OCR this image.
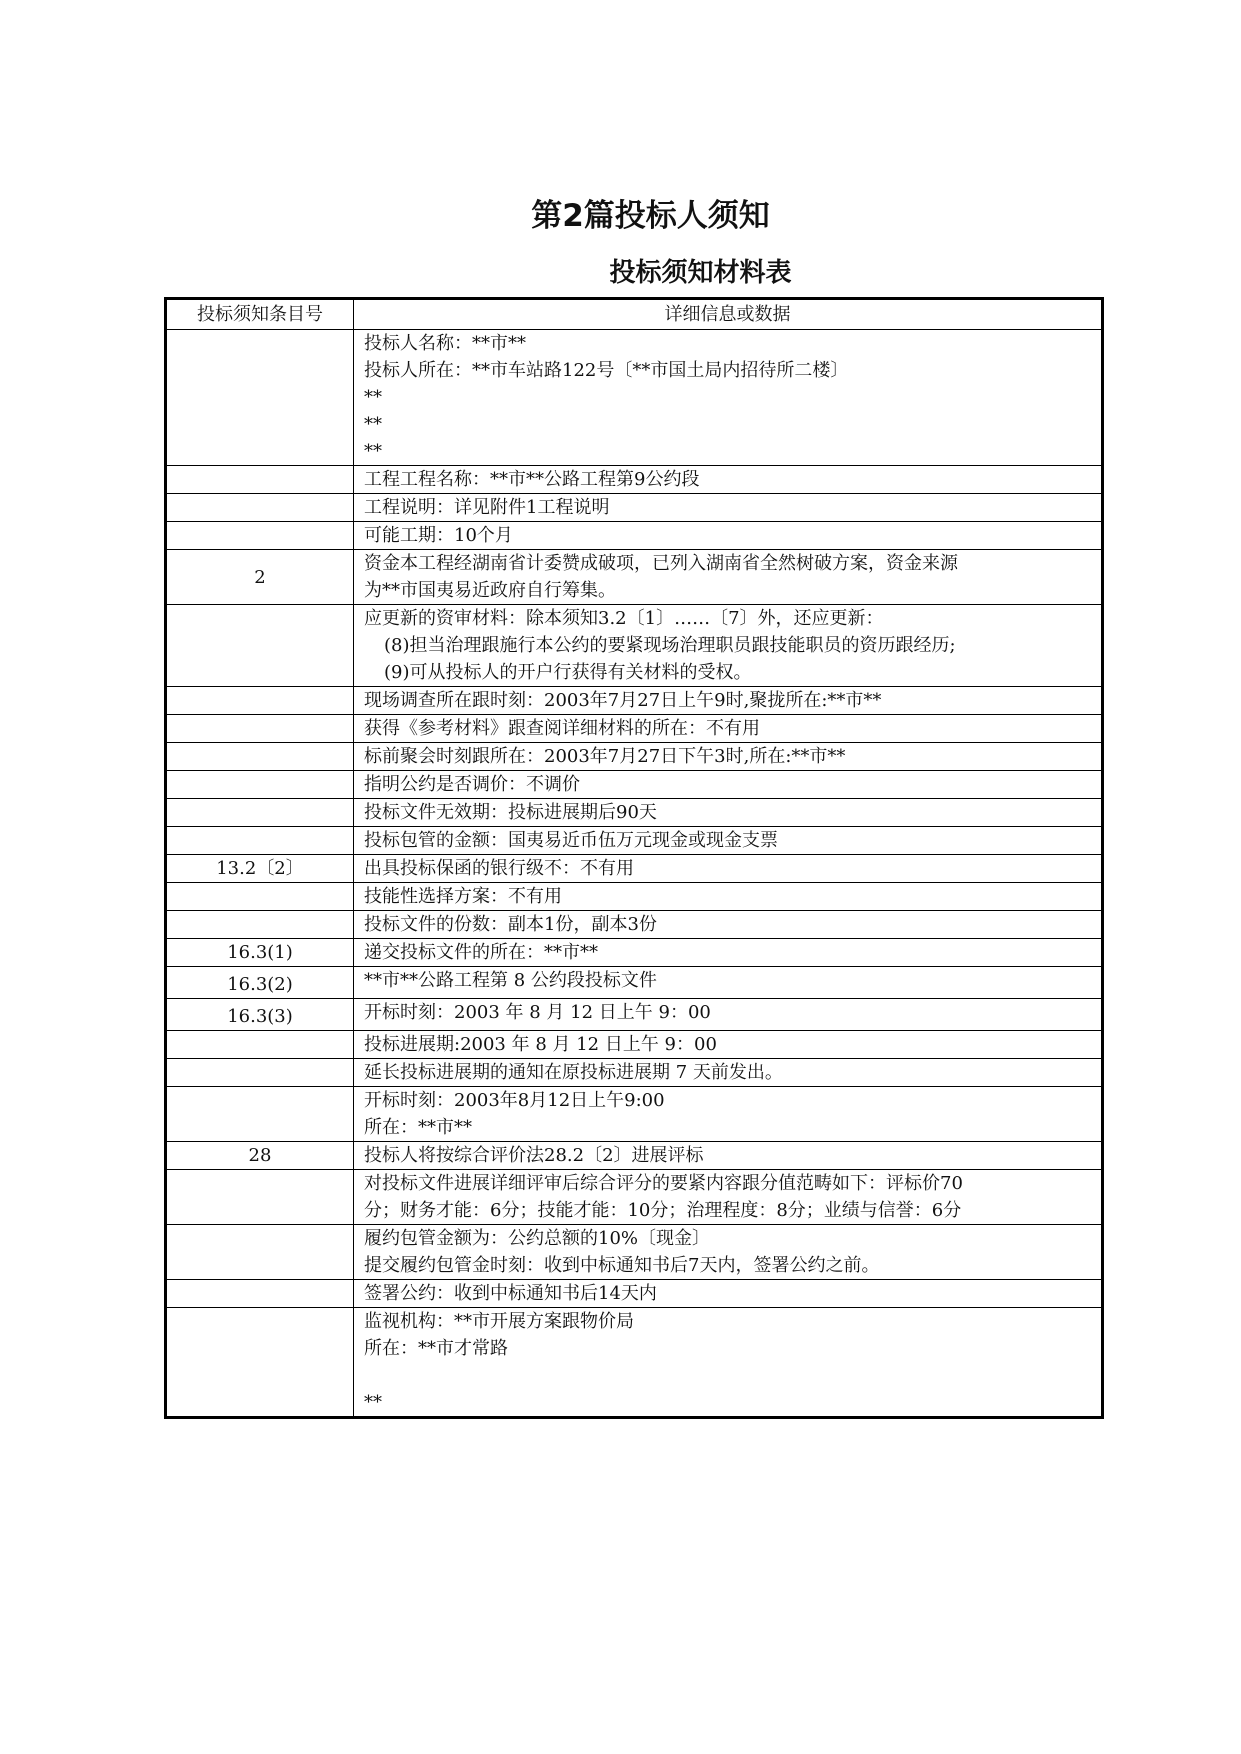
第2篇投标人须知
投标须知材料表
投标须知条目号	详细信息或数据

	投标人名称：**市**
投标人所在：**市车站路122号〔**市国土局内招待所二楼〕
**
**
**

	工程工程名称：**市**公路工程第9公约段

	工程说明：详见附件1工程说明

	可能工期：10个月

2	资金本工程经湖南省计委赞成破项，已列入湖南省全然树破方案，资金来源
为**市国夷易近政府自行筹集。

	应更新的资审材料：除本须知3.2〔1〕……〔7〕外，还应更新：
(8)担当治理跟施行本公约的要紧现场治理职员跟技能职员的资历跟经历;
(9)可从投标人的开户行获得有关材料的受权。

	现场调查所在跟时刻：2003年7月27日上午9时,聚拢所在:**市**

	获得《参考材料》跟查阅详细材料的所在：不有用

	标前聚会时刻跟所在：2003年7月27日下午3时,所在:**市**

	指明公约是否调价：不调价

	投标文件无效期：投标进展期后90天

	投标包管的金额：国夷易近币伍万元现金或现金支票

13.2〔2〕	出具投标保函的银行级不：不有用

	技能性选择方案：不有用

	投标文件的份数：副本1份，副本3份

16.3(1)	递交投标文件的所在：**市**

16.3(2)	**市**公路工程第 8 公约段投标文件

16.3(3)	开标时刻：2003 年 8 月 12 日上午 9：00

	投标进展期:2003 年 8 月 12 日上午 9：00

	延长投标进展期的通知在原投标进展期 7 天前发出。

	开标时刻：2003年8月12日上午9:00
所在：**市**

28	投标人将按综合评价法28.2〔2〕进展评标

	对投标文件进展详细评审后综合评分的要紧内容跟分值范畴如下：评标价70
分；财务才能：6分；技能才能：10分；治理程度：8分；业绩与信誉：6分

	履约包管金额为：公约总额的10%〔现金〕
提交履约包管金时刻：收到中标通知书后7天内，签署公约之前。

	签署公约：收到中标通知书后14天内

	监视机构：**市开展方案跟物价局
所在：**市才常路
**
